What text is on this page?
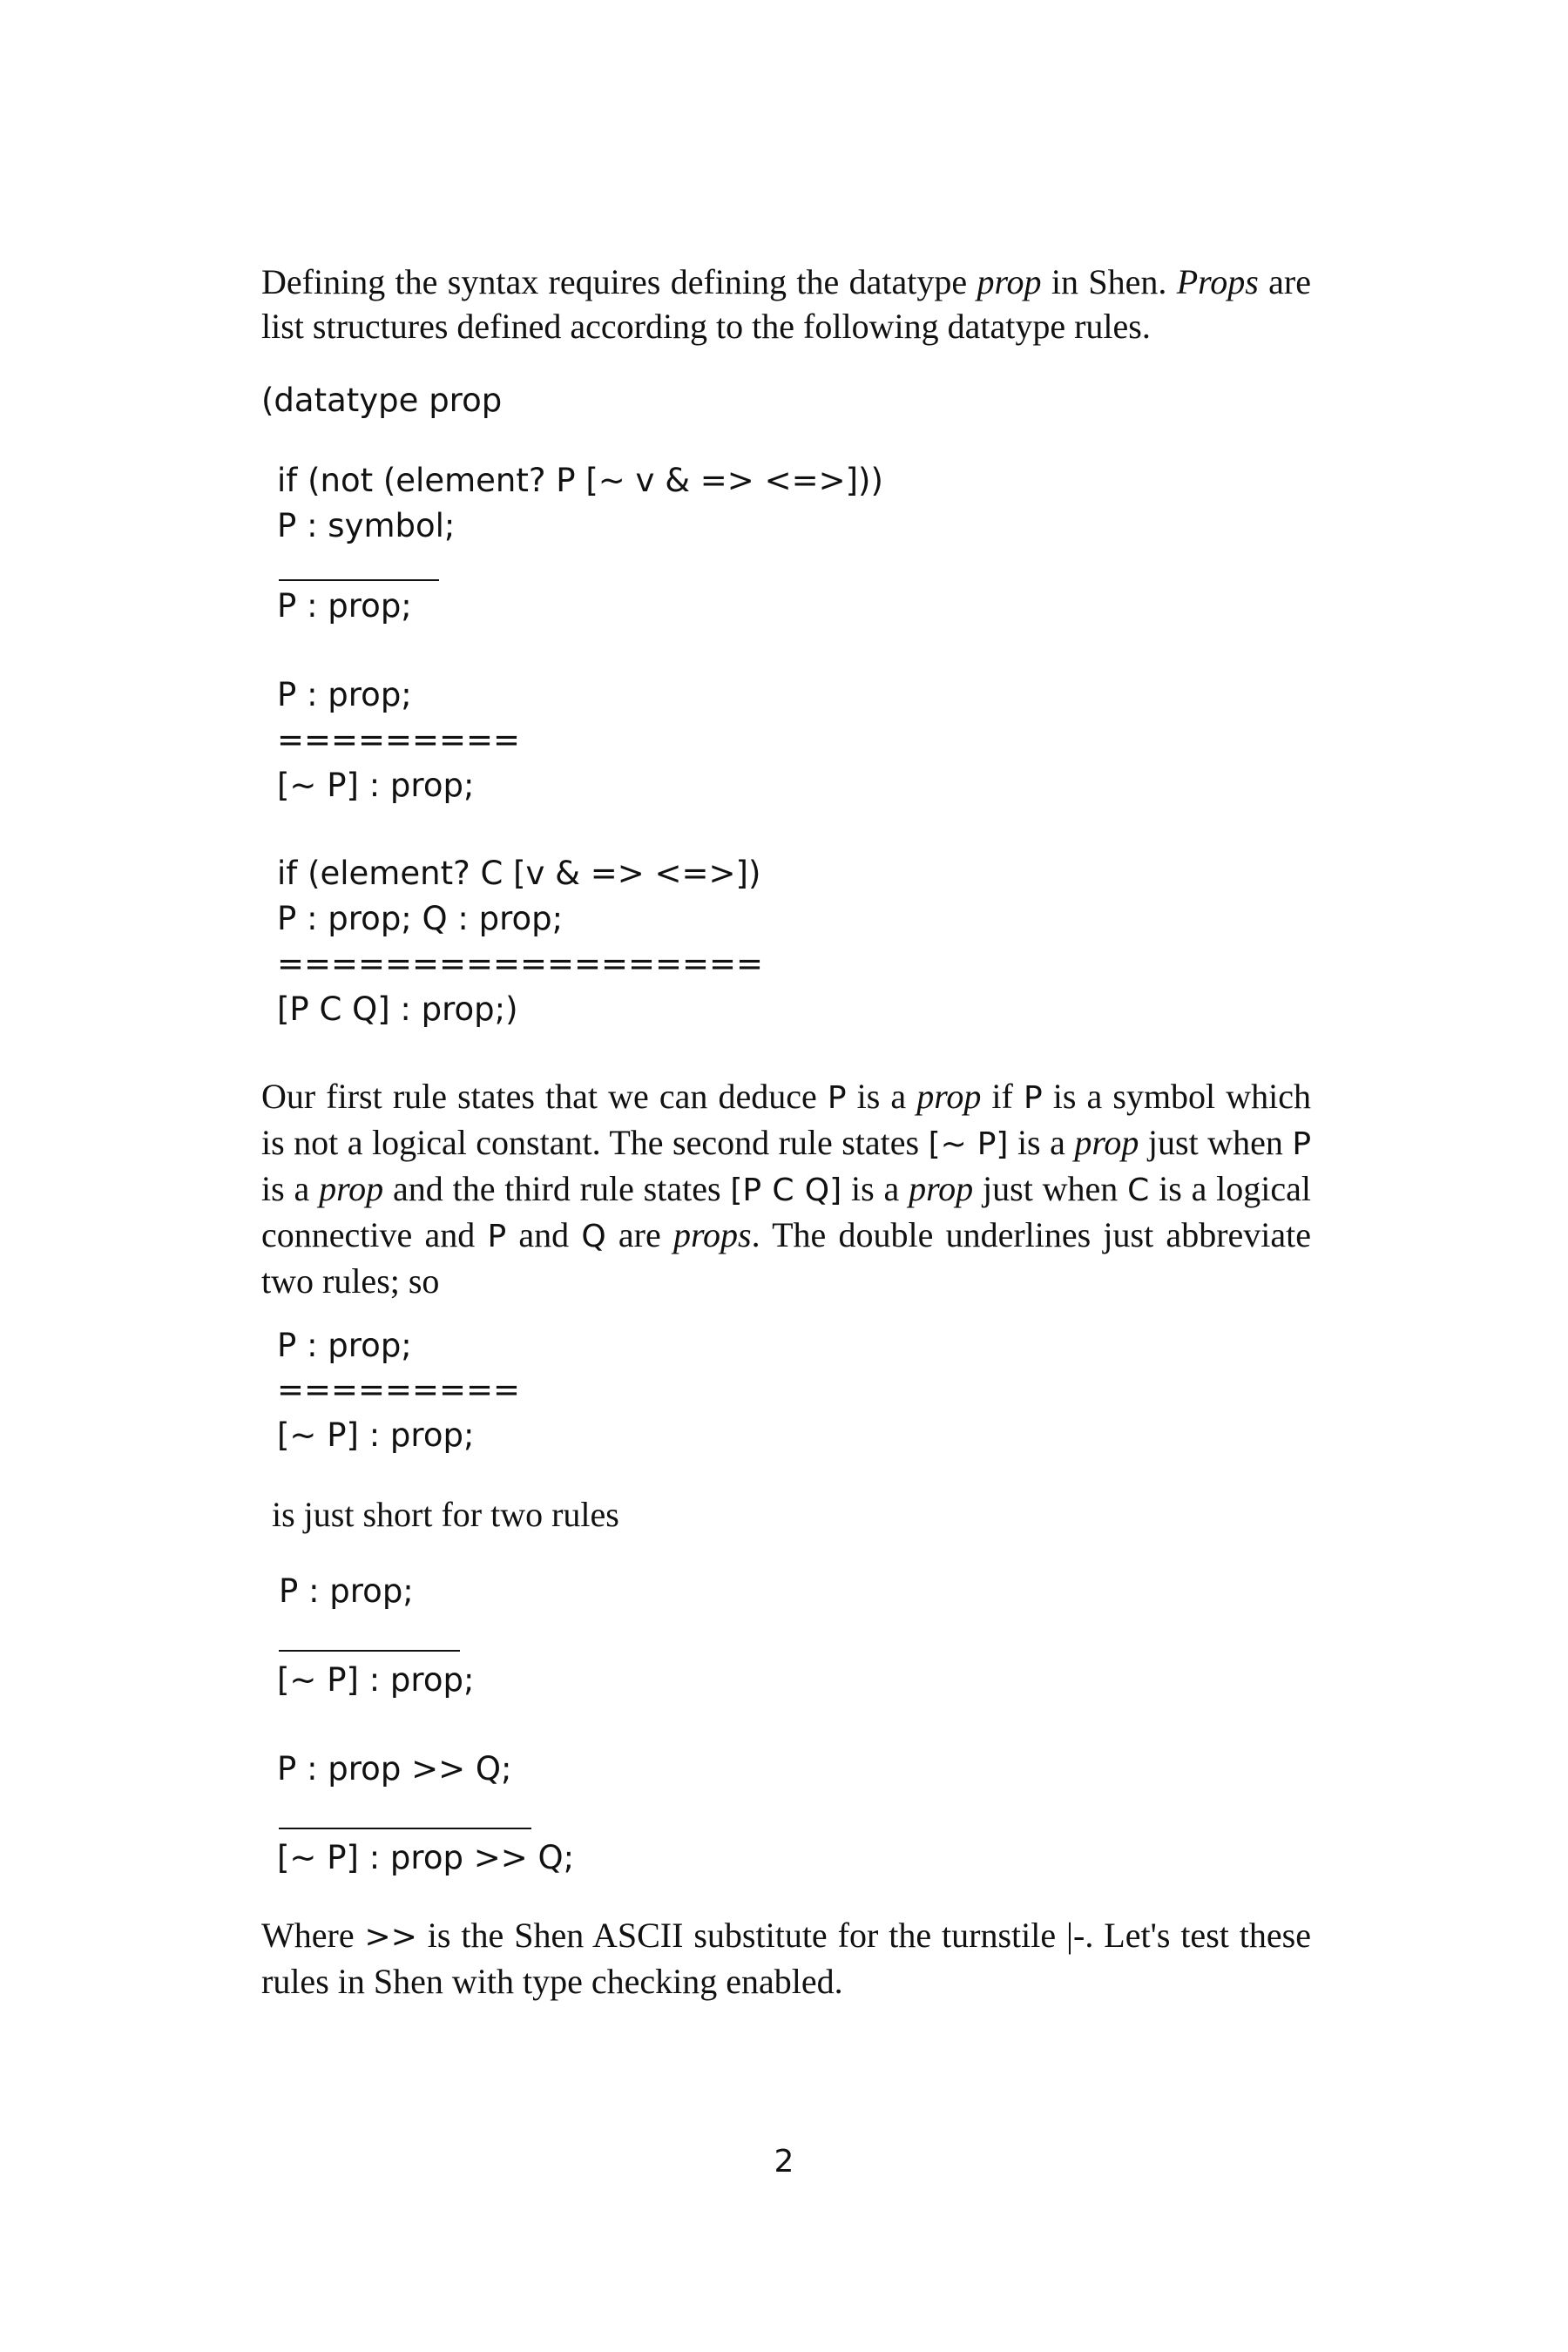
Defining the syntax requires defining the datatype prop in Shen. Props are list structures defined according to the following datatype rules.

(datatype prop
if (not (element? P [~ v & => <=>]))
P : symbol;
P : prop;
P : prop;
=========
[~ P] : prop;
if (element? C [v & => <=>])
P : prop; Q : prop;
==================
[P C Q] : prop;)

Our first rule states that we can deduce P is a prop if P is a symbol which is not a logical constant. The second rule states [~ P] is a prop just when P is a prop and the third rule states [P C Q] is a prop just when C is a logical connective and P and Q are props. The double underlines just abbreviate two rules; so

P : prop;
=========
[~ P] : prop;

is just short for two rules

P : prop;
[~ P] : prop;
P : prop >> Q;
[~ P] : prop >> Q;

Where >> is the Shen ASCII substitute for the turnstile |-. Let's test these rules in Shen with type checking enabled.

2
